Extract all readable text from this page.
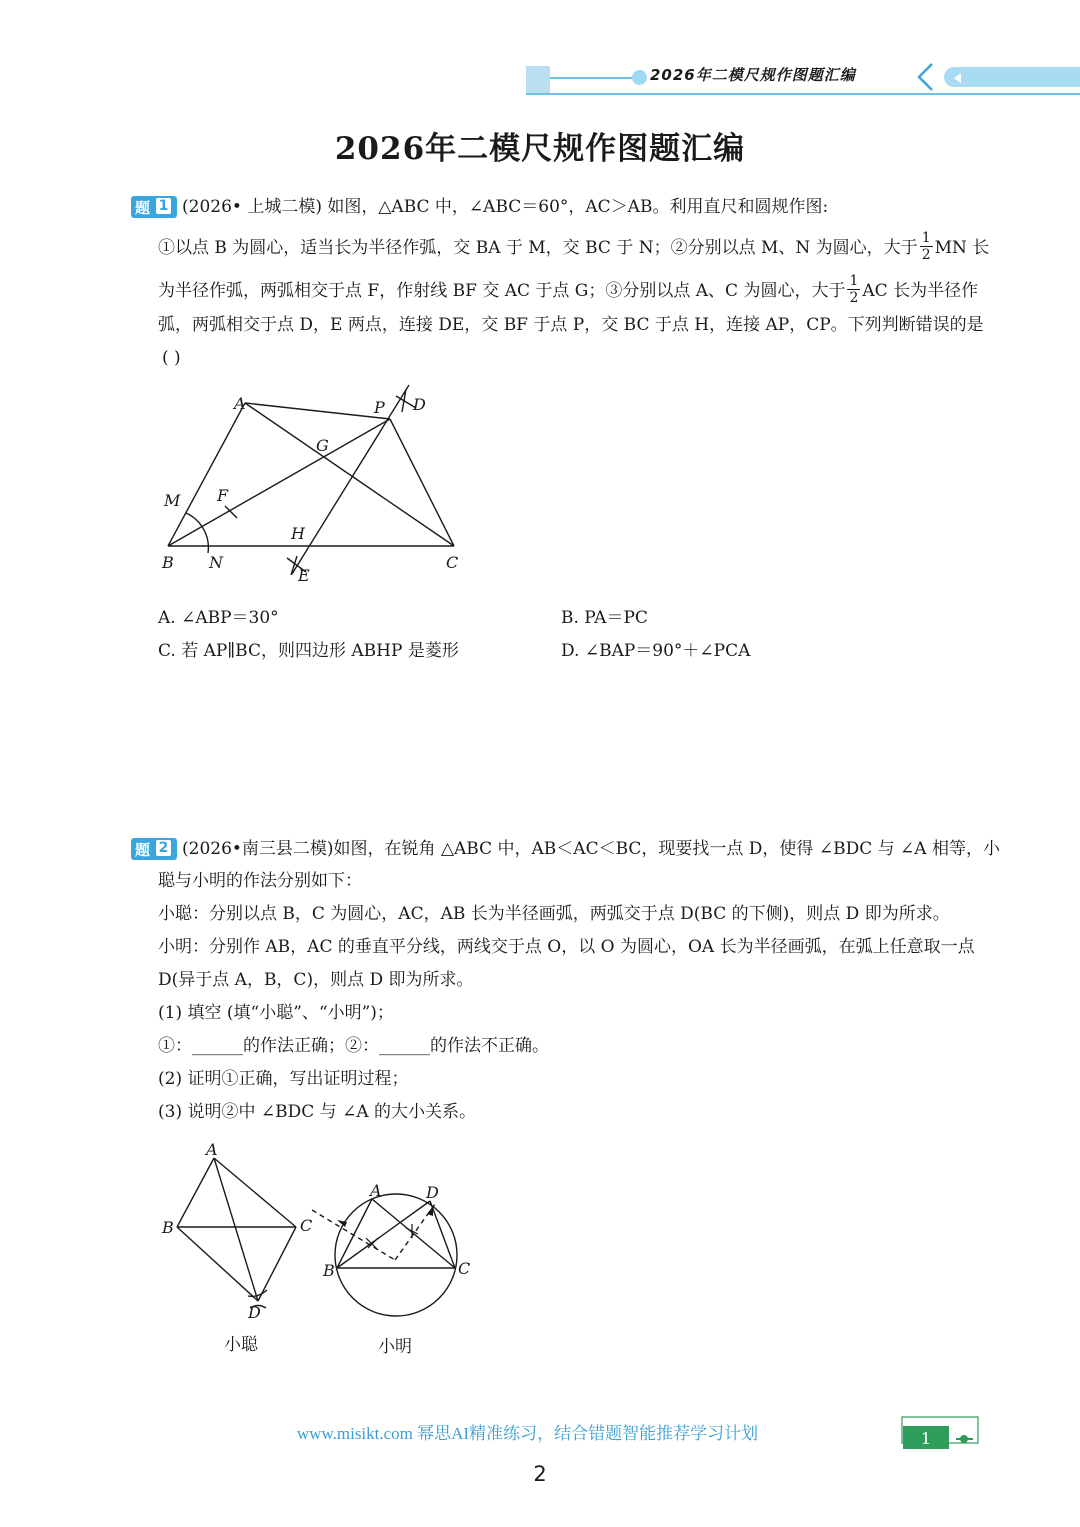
2026年二模尺规作图题汇编
2026年二模尺规作图题汇编
题 1 (2026• 上城二模) 如图，△ABC 中，∠ABC＝60°，AC＞AB。利用直尺和圆规作图:
①以点 B 为圆心，适当长为半径作弧，交 BA 于 M，交 BC 于 N；②分别以点 M、N 为圆心，大于 $\frac{1}{2}$ MN 长
为半径作弧，两弧相交于点 F，作射线 BF 交 AC 于点 G；③分别以点 A、C 为圆心，大于 $\frac{1}{2}$ AC 长为半径作
弧，两弧相交于点 D，E 两点，连接 DE，交 BF 于点 P，交 BC 于点 H，连接 AP，CP。下列判断错误的是
( )
A	P D
G
M F
H
B N
E
C
A. ∠ABP＝30°	B. PA＝PC
C. 若 AP∥BC，则四边形 ABHP 是菱形	D. ∠BAP＝90°＋∠PCA
题 2 (2026•南三县二模)如图，在锐角 △ABC 中，AB＜AC＜BC，现要找一点 D，使得 ∠BDC 与 ∠A 相等，小
聪与小明的作法分别如下：
小聪：分别以点 B，C 为圆心，AC，AB 长为半径画弧，两弧交于点 D(BC 的下侧)，则点 D 即为所求。
小明：分别作 AB，AC 的垂直平分线，两线交于点 O，以 O 为圆心，OA 长为半径画弧，在弧上任意取一点
D(异于点 A，B，C)，则点 D 即为所求。
(1) 填空 (填“小聪”、“小明”)；
①：______的作法正确；②：______的作法不正确。
(2) 证明①正确，写出证明过程；
(3) 说明②中 ∠BDC 与 ∠A 的大小关系。
A
B	C
D
小聪
A	D
B	C
小明
www.misikt.com 幂思AI精准练习，结合错题智能推荐学习计划	1
2
